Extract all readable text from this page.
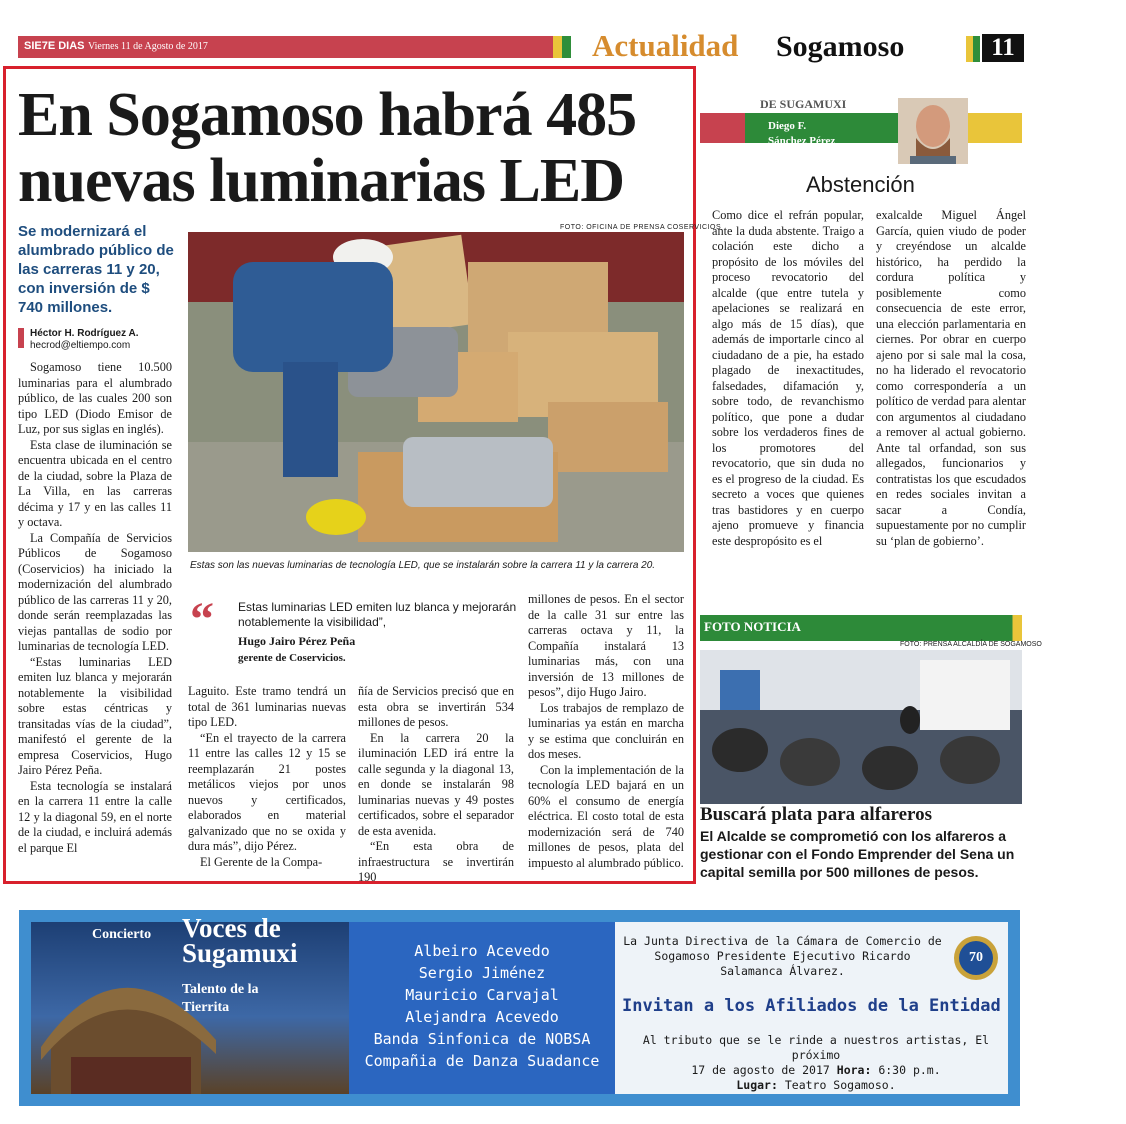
SIE7E DIAS Viernes 11 de Agosto de 2017	Actualidad Sogamoso	11
En Sogamoso habrá 485 nuevas luminarias LED
Se modernizará el alumbrado público de las carreras 11 y 20, con inversión de $ 740 millones.
Héctor H. Rodríguez A.
hecrod@eltiempo.com

Sogamoso tiene 10.500 luminarias para el alumbrado público, de las cuales 200 son tipo LED (Diodo Emisor de Luz, por sus siglas en inglés).

Esta clase de iluminación se encuentra ubicada en el centro de la ciudad, sobre la Plaza de La Villa, en las carreras décima y 17 y en las calles 11 y octava.

La Compañía de Servicios Públicos de Sogamoso (Coservicios) ha iniciado la modernización del alumbrado público de las carreras 11 y 20, donde serán reemplazadas las viejas pantallas de sodio por luminarias de tecnología LED.

“Estas luminarias LED emiten luz blanca y mejorarán notablemente la visibilidad sobre estas céntricas y transitadas vías de la ciudad”, manifestó el gerente de la empresa Coservicios, Hugo Jairo Pérez Peña.

Esta tecnología se instalará en la carrera 11 entre la calle 12 y la diagonal 59, en el norte de la ciudad, e incluirá además el parque El

FOTO: OFICINA DE PRENSA COSERVICIOS
Estas son las nuevas luminarias de tecnología LED, que se instalarán sobre la carrera 11 y la carrera 20.
“ Estas luminarias LED emiten luz blanca y mejorarán notablemente la visibilidad”,
Hugo Jairo Pérez Peña
gerente de Coservicios.

Laguito. Este tramo tendrá un total de 361 luminarias nuevas tipo LED.

“En el trayecto de la carrera 11 entre las calles 12 y 15 se reemplazarán 21 postes metálicos viejos por unos nuevos y certificados, elaborados en material galvanizado que no se oxida y dura más”, dijo Pérez.

El Gerente de la Compa-

ñía de Servicios precisó que en esta obra se invertirán 534 millones de pesos.

En la carrera 20 la iluminación LED irá entre la calle segunda y la diagonal 13, en donde se instalarán 98 luminarias nuevas y 49 postes certificados, sobre el separador de esta avenida.

“En esta obra de infraestructura se invertirán 190

millones de pesos. En el sector de la calle 31 sur entre las carreras octava y 11, la Compañía instalará 13 luminarias más, con una inversión de 13 millones de pesos”, dijo Hugo Jairo.

Los trabajos de remplazo de luminarias ya están en marcha y se estima que concluirán en dos meses.

Con la implementación de la tecnología LED bajará en un 60% el consumo de energía eléctrica. El costo total de esta modernización será de 740 millones de pesos, plata del impuesto al alumbrado público.

DE SUGAMUXI
Diego F.
Sánchez Pérez
Abstención
Como dice el refrán popular, ante la duda abstente. Traigo a colación este dicho a propósito de los móviles del proceso revocatorio del alcalde (que entre tutela y apelaciones se realizará en algo más de 15 días), que además de importarle cinco al ciudadano de a pie, ha estado plagado de inexactitudes, falsedades, difamación y, sobre todo, de revanchismo político, que pone a dudar sobre los verdaderos fines de los promotores del revocatorio, que sin duda no es el progreso de la ciudad. Es secreto a voces que quienes tras bastidores y en cuerpo ajeno promueve y financia este despropósito es el
exalcalde Miguel Ángel García, quien viudo de poder y creyéndose un alcalde histórico, ha perdido la cordura política y posiblemente como consecuencia de este error, una elección parlamentaria en ciernes. Por obrar en cuerpo ajeno por si sale mal la cosa, no ha liderado el revocatorio como correspondería a un político de verdad para alentar con argumentos al ciudadano a remover al actual gobierno. Ante tal orfandad, son sus allegados, funcionarios y contratistas los que escudados en redes sociales invitan a sacar a Condía, supuestamente por no cumplir su ‘plan de gobierno’.
FOTO NOTICIA
FOTO: PRENSA ALCALDÍA DE SOGAMOSO
Buscará plata para alfareros
El Alcalde se comprometió con los alfareros a gestionar con el Fondo Emprender del Sena un capital semilla por 500 millones de pesos.
Concierto Voces de
Sugamuxi
Talento de la
Tierrita
Albeiro Acevedo
Sergio Jiménez
Mauricio Carvajal
Alejandra Acevedo
Banda Sinfonica de NOBSA
Compañia de Danza Suadance
La Junta Directiva de la Cámara de Comercio de
Sogamoso Presidente Ejecutivo Ricardo
Salamanca Álvarez.
70
Invitan a los Afiliados de la Entidad
Al tributo que se le rinde a nuestros artistas, El próximo
17 de agosto de 2017 Hora: 6:30 p.m.
Lugar: Teatro Sogamoso.
